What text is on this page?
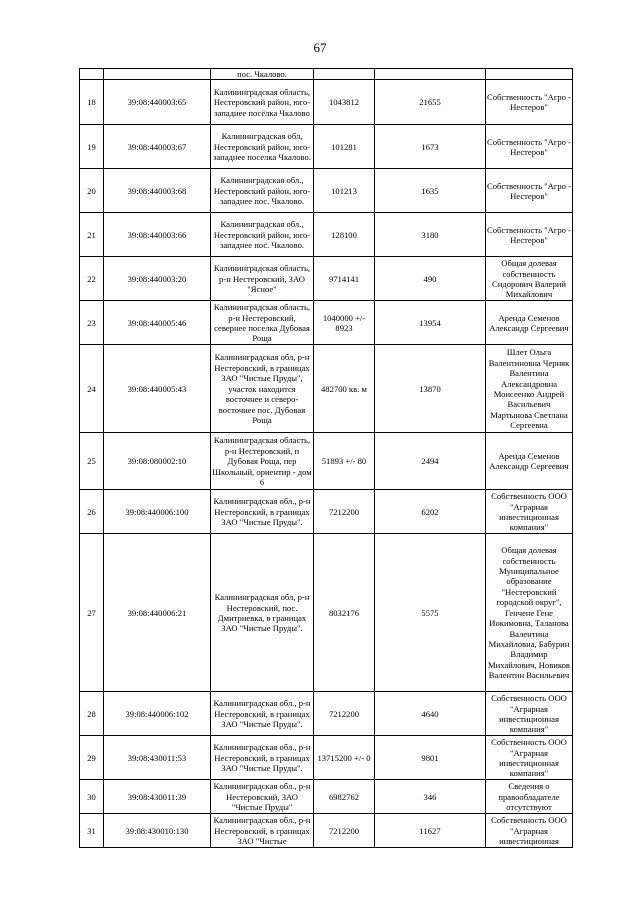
67
		пос. Чкалово.			
18	39:08:440003:65	Калининградская область, Нестеровский район, юго-западнее посёлка Чкалово	1043812	21655	Собственность "Агро - Нестеров"
19	39:08:440003:67	Калининградская обл, Нестеровский район, юго-западнее поселка Чкалово.	101281	1673	Собственность "Агро - Нестеров"
20	39:08:440003:68	Калининградская обл., Нестеровский район, юго-западнее пос. Чкалово.	101213	1635	Собственность "Агро - Нестеров"
21	39:08:440003:66	Калининградская обл., Нестеровский район, юго-западнее пос. Чкалово.	128100	3180	Собственность "Агро - Нестеров"
22	39:08:440003:20	Калининградская область, р-н Нестеровский, ЗАО "Ясное"	9714141	490	Общая долевая собственность Сидорович Валерий Михайлович
23	39:08:440005:46	Калининградская область, р-н Нестеровский, севернее поселка Дубовая Роща	1040000 +/- 8923	13954	Аренда Семенов Александр Сергеевич
24	39:08:440005:43	Калининградская обл, р-н Нестеровский, в границах ЗАО "Чистые Пруды", участок находится восточнее и северо-восточнее пос. Дубовая Роща	482700 кв. м	13870	Шлет Ольга Валентиновна Черняк Валентина Александровна Моисеенко Андрей Васильевич Мартынова Светлана Сергеевна
25	39:08:080002:10	Калининградская область, р-н Нестеровский, п Дубовая Роща, пер Школьный, ориентир - дом 6	51893 +/- 80	2494	Аренда Семенов Александр Сергеевич
26	39:08:440006:100	Калининградская обл., р-н Нестеровский, в границах ЗАО "Чистые Пруды".	7212200	6202	Собственность ООО "Аграрная инвестиционная компания"
27	39:08:440006:21	Калининградская обл, р-н Нестеровский, пос. Дмитриевка, в границах ЗАО "Чистые Пруды".	8032176	5575	Общая долевая собственность Муниципальное образование "Нестеровский городской округ", Генчене Гене Иокимовна, Таланова Валентина Михайловна, Бабурин Владимир Михайлович, Новиков Валентин Васильевич
28	39:08:440006:102	Калининградская обл., р-н Нестеровский, в границах ЗАО "Чистые Пруды".	7212200	4640	Собственность ООО "Аграрная инвестиционная компания"
29	39:08:430011:53	Калининградская обл., р-н Нестеровский, в границах ЗАО "Чистые Пруды".	13715200 +/- 0	9801	Собственность ООО "Аграрная инвестиционная компания"
30	39:08:430011:39	Калининградская обл., р-н Нестеровский, ЗАО "Чистые Пруды"	6982762	346	Сведения о правообладателе отсутствуют
31	39:08:430010:130	Калининградская обл., р-н Нестеровский, в границах ЗАО "Чистые	7212200	11627	Собственность ООО "Аграрная инвестиционная
